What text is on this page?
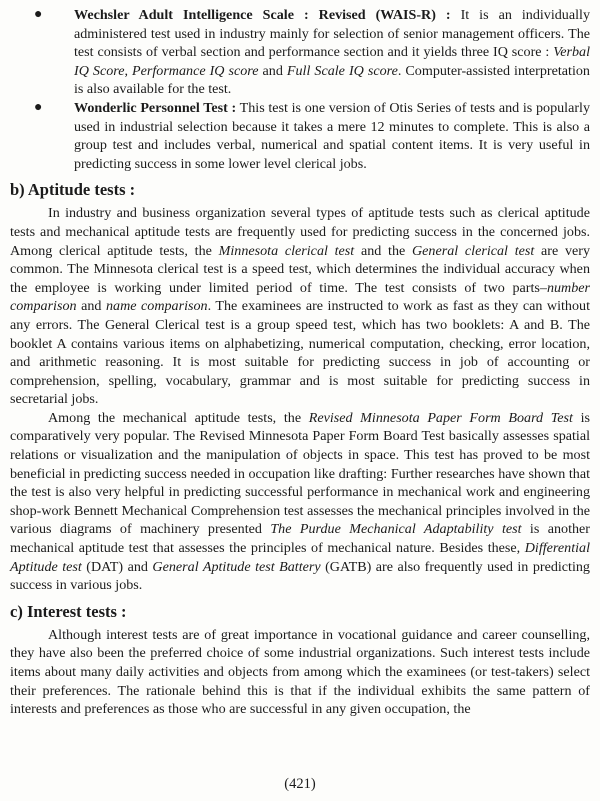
● Wechsler Adult Intelligence Scale : Revised (WAIS-R) : It is an individually administered test used in industry mainly for selection of senior management officers. The test consists of verbal section and performance section and it yields three IQ score : Verbal IQ Score, Performance IQ score and Full Scale IQ score. Computer-assisted interpretation is also available for the test.

● Wonderlic Personnel Test : This test is one version of Otis Series of tests and is popularly used in industrial selection because it takes a mere 12 minutes to complete. This is also a group test and includes verbal, numerical and spatial content items. It is very useful in predicting success in some lower level clerical jobs.

b) Aptitude tests :

In industry and business organization several types of aptitude tests such as clerical aptitude tests and mechanical aptitude tests are frequently used for predicting success in the concerned jobs. Among clerical aptitude tests, the Minnesota clerical test and the General clerical test are very common. The Minnesota clerical test is a speed test, which determines the individual accuracy when the employee is working under limited period of time. The test consists of two parts–number comparison and name comparison. The examinees are instructed to work as fast as they can without any errors. The General Clerical test is a group speed test, which has two booklets: A and B. The booklet A contains various items on alphabetizing, numerical computation, checking, error location, and arithmetic reasoning. It is most suitable for predicting success in job of accounting or comprehension, spelling, vocabulary, grammar and is most suitable for predicting success in secretarial jobs.

Among the mechanical aptitude tests, the Revised Minnesota Paper Form Board Test is comparatively very popular. The Revised Minnesota Paper Form Board Test basically assesses spatial relations or visualization and the manipulation of objects in space. This test has proved to be most beneficial in predicting success needed in occupation like drafting: Further researches have shown that the test is also very helpful in predicting successful performance in mechanical work and engineering shop-work Bennett Mechanical Comprehension test assesses the mechanical principles involved in the various diagrams of machinery presented The Purdue Mechanical Adaptability test is another mechanical aptitude test that assesses the principles of mechanical nature. Besides these, Differential Aptitude test (DAT) and General Aptitude test Battery (GATB) are also frequently used in predicting success in various jobs.

c) Interest tests :

Although interest tests are of great importance in vocational guidance and career counselling, they have also been the preferred choice of some industrial organizations. Such interest tests include items about many daily activities and objects from among which the examinees (or test-takers) select their preferences. The rationale behind this is that if the individual exhibits the same pattern of interests and preferences as those who are successful in any given occupation, the

(421)
